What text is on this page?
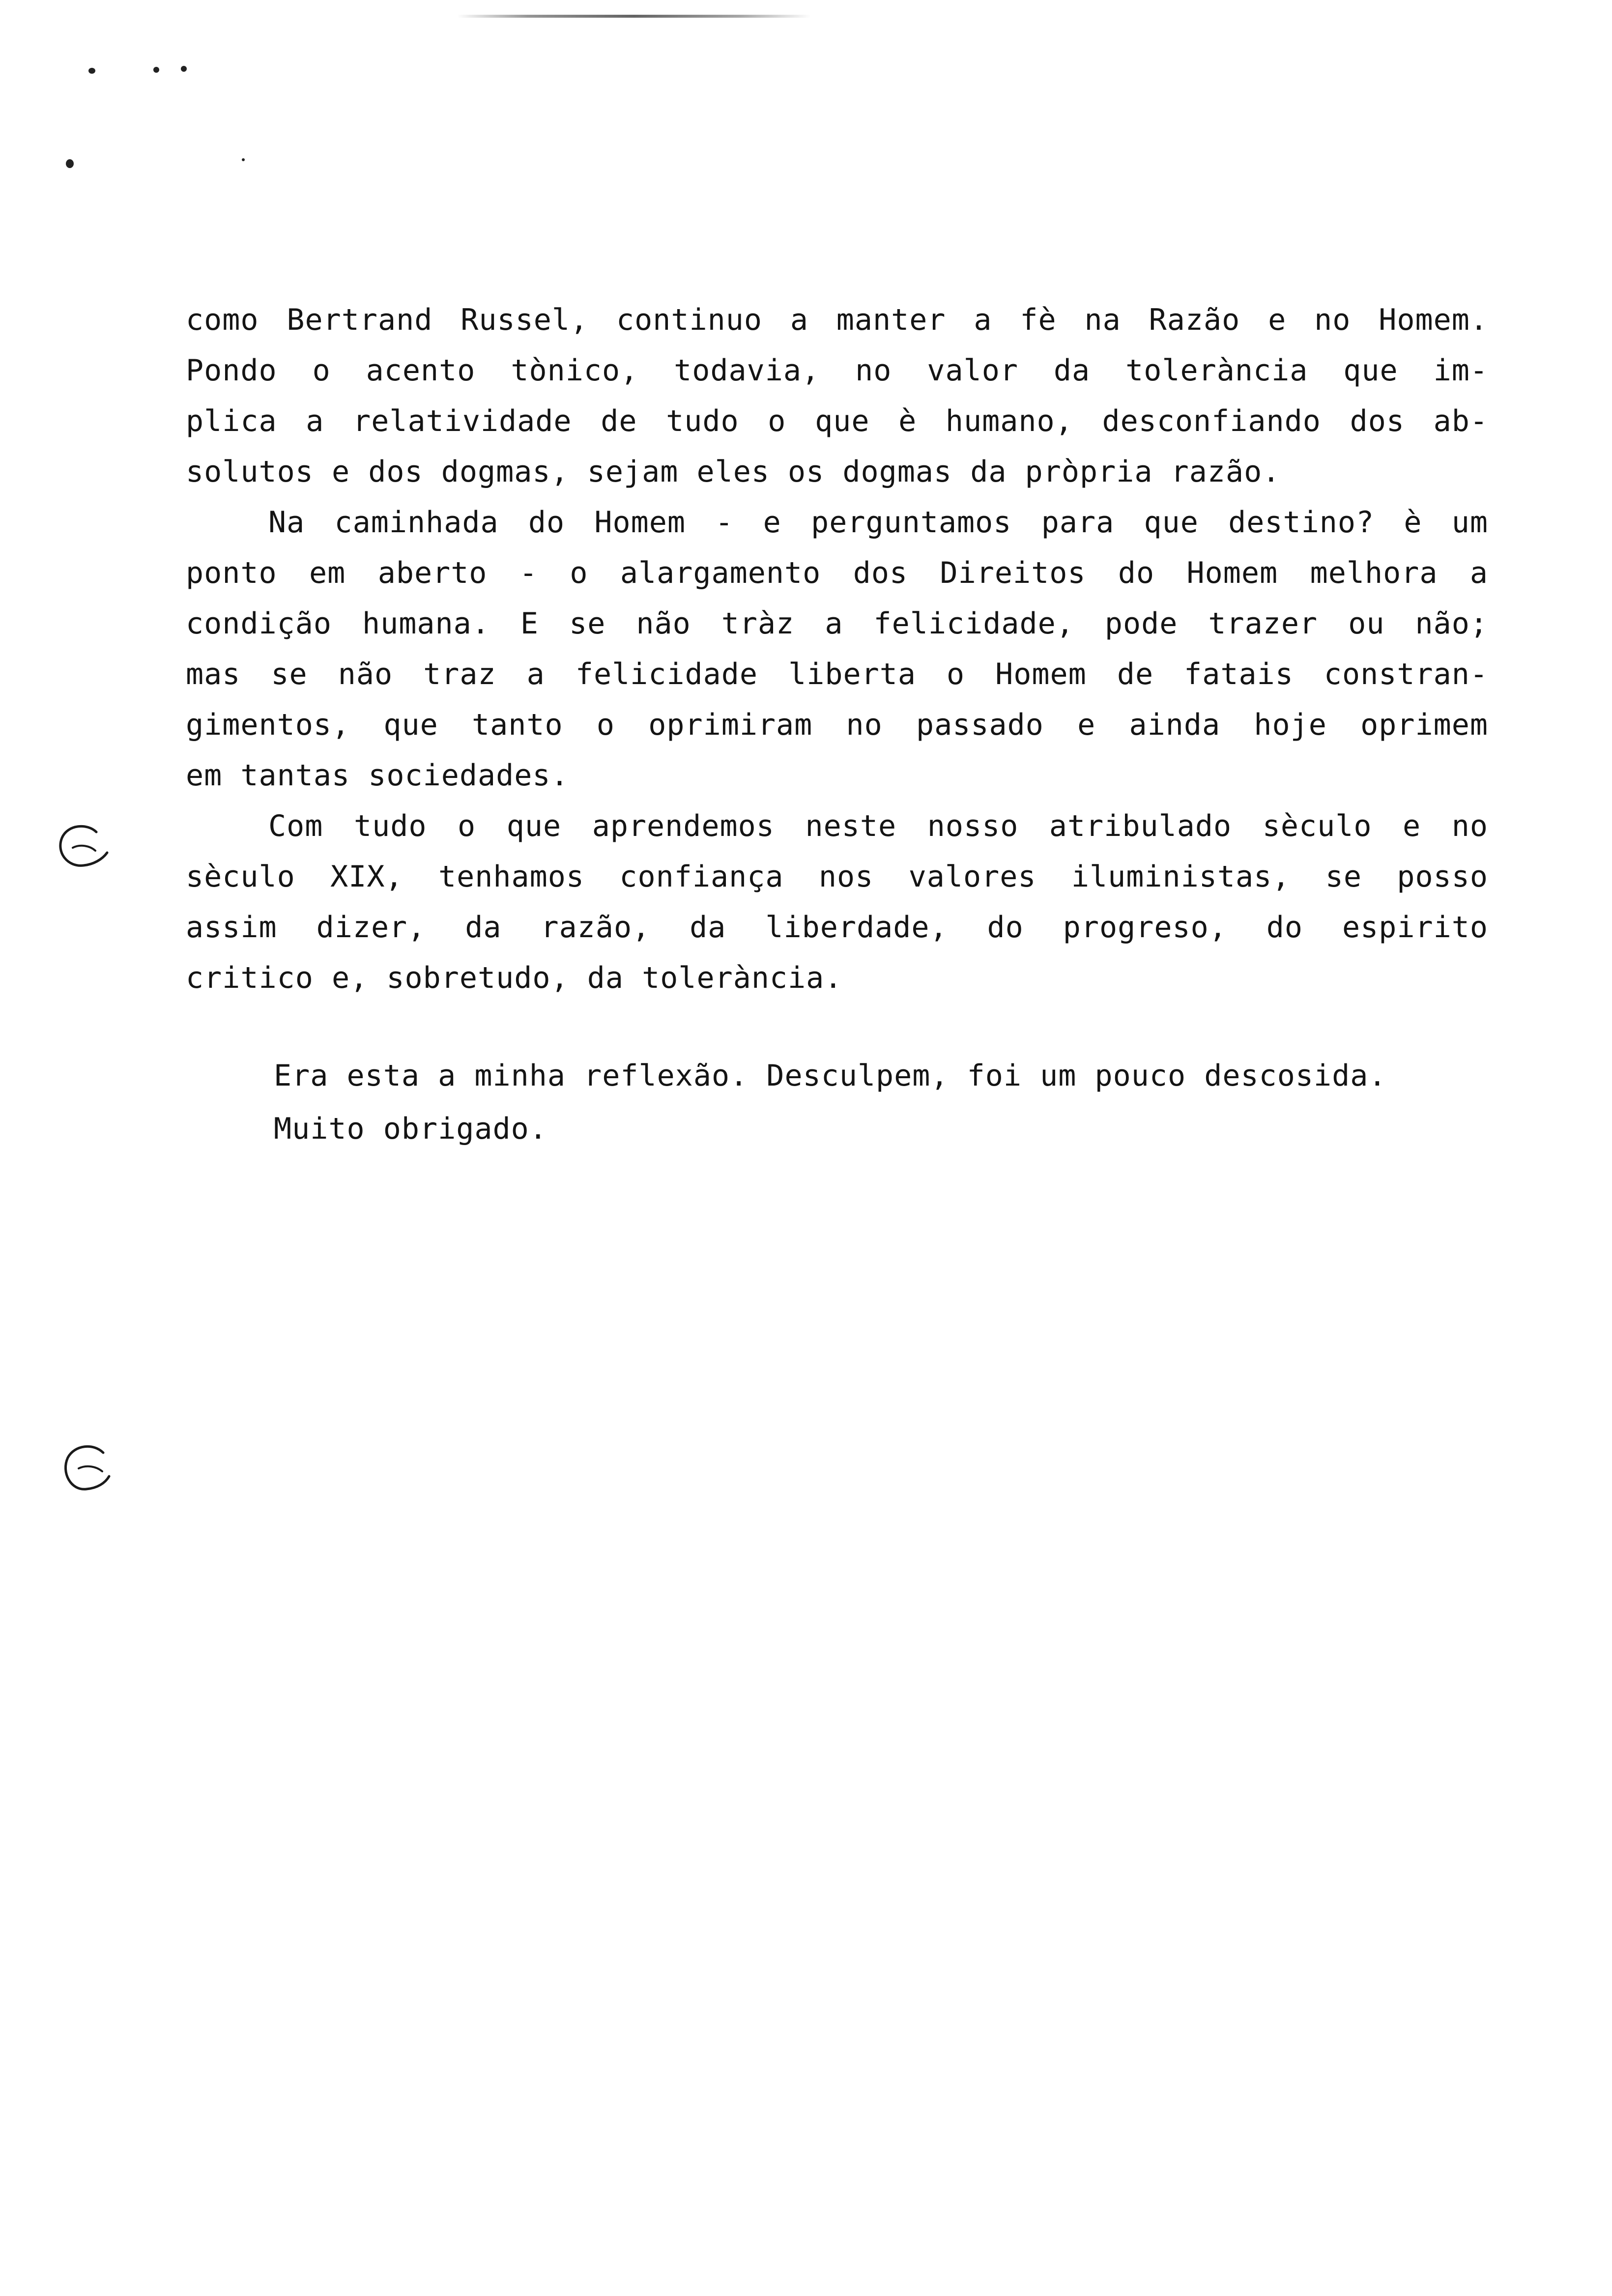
como Bertrand Russel, continuo a manter a fè na Razão e no Homem.
Pondo o acento tònico, todavia, no valor da tolerància que im-
plica a relatividade de tudo o que è humano, desconfiando dos ab-
solutos e dos dogmas, sejam eles os dogmas da pròpria razão.
Na caminhada do Homem - e perguntamos para que destino? è um
ponto em aberto - o alargamento dos Direitos do Homem melhora a
condição humana. E se não tràz a felicidade, pode trazer ou não;
mas se não traz a felicidade liberta o Homem de fatais constran-
gimentos, que tanto o oprimiram no passado e ainda hoje oprimem
em tantas sociedades.
Com tudo o que aprendemos neste nosso atribulado sèculo e no
sèculo XIX, tenhamos confiança nos valores iluministas, se posso
assim dizer, da razão, da liberdade, do progreso, do espirito
critico e, sobretudo, da tolerància.
Era esta a minha reflexão. Desculpem, foi um pouco descosida.
Muito obrigado.
